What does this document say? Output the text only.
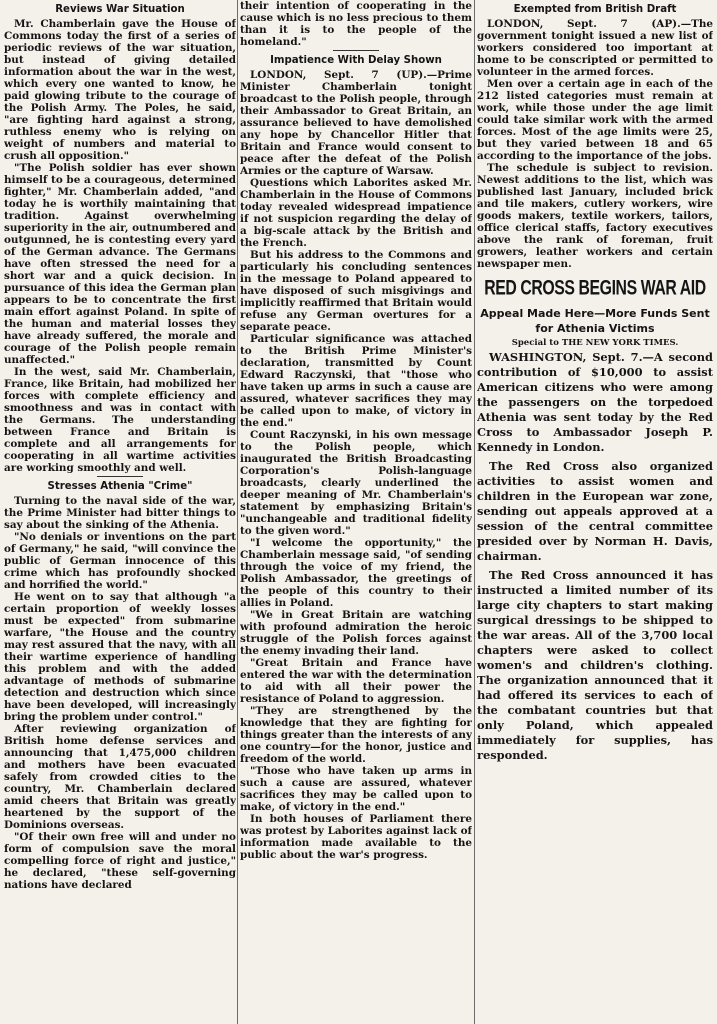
Reviews War Situation

Mr. Chamberlain gave the House of Commons today the first of a series of periodic reviews of the war situation, but instead of giving detailed information about the war in the west, which every one wanted to know, he paid glowing tribute to the courage of the Polish Army. The Poles, he said, "are fighting hard against a strong, ruthless enemy who is relying on weight of numbers and material to crush all opposition."

"The Polish soldier has ever shown himself to be a courageous, determined fighter," Mr. Chamberlain added, "and today he is worthily maintaining that tradition. Against overwhelming superiority in the air, outnumbered and outgunned, he is contesting every yard of the German advance. The Germans have often stressed the need for a short war and a quick decision. In pursuance of this idea the German plan appears to be to concentrate the first main effort against Poland. In spite of the human and material losses they have already suffered, the morale and courage of the Polish people remain unaffected."

In the west, said Mr. Chamberlain, France, like Britain, had mobilized her forces with complete efficiency and smoothness and was in contact with the Germans. The understanding between France and Britain is complete and all arrangements for cooperating in all wartime activities are working smoothly and well.

Stresses Athenia "Crime"

Turning to the naval side of the war, the Prime Minister had bitter things to say about the sinking of the Athenia.

"No denials or inventions on the part of Germany," he said, "will convince the public of German innocence of this crime which has profoundly shocked and horrified the world."

He went on to say that although "a certain proportion of weekly losses must be expected" from submarine warfare, "the House and the country may rest assured that the navy, with all their wartime experience of handling this problem and with the added advantage of methods of submarine detection and destruction which since have been developed, will increasingly bring the problem under control."

After reviewing organization of British home defense services and announcing that 1,475,000 children and mothers have been evacuated safely from crowded cities to the country, Mr. Chamberlain declared amid cheers that Britain was greatly heartened by the support of the Dominions overseas.

"Of their own free will and under no form of compulsion save the moral compelling force of right and justice," he declared, "these self-governing nations have declared

their intention of cooperating in the cause which is no less precious to them than it is to the people of the homeland."

Impatience With Delay Shown

LONDON, Sept. 7 (UP).—Prime Minister Chamberlain tonight broadcast to the Polish people, through their Ambassador to Great Britain, an assurance believed to have demolished any hope by Chancellor Hitler that Britain and France would consent to peace after the defeat of the Polish Armies or the capture of Warsaw.

Questions which Laborites asked Mr. Chamberlain in the House of Commons today revealed widespread impatience if not suspicion regarding the delay of a big-scale attack by the British and the French.

But his address to the Commons and particularly his concluding sentences in the message to Poland appeared to have disposed of such misgivings and implicitly reaffirmed that Britain would refuse any German overtures for a separate peace.

Particular significance was attached to the British Prime Minister's declaration, transmitted by Count Edward Raczynski, that "those who have taken up arms in such a cause are assured, whatever sacrifices they may be called upon to make, of victory in the end."

Count Raczynski, in his own message to the Polish people, which inaugurated the British Broadcasting Corporation's Polish-language broadcasts, clearly underlined the deeper meaning of Mr. Chamberlain's statement by emphasizing Britain's "unchangeable and traditional fidelity to the given word."

"I welcome the opportunity," the Chamberlain message said, "of sending through the voice of my friend, the Polish Ambassador, the greetings of the people of this country to their allies in Poland.

"We in Great Britain are watching with profound admiration the heroic struggle of the Polish forces against the enemy invading their land.

"Great Britain and France have entered the war with the determination to aid with all their power the resistance of Poland to aggression.

"They are strengthened by the knowledge that they are fighting for things greater than the interests of any one country—for the honor, justice and freedom of the world.

"Those who have taken up arms in such a cause are assured, whatever sacrifices they may be called upon to make, of victory in the end."

In both houses of Parliament there was protest by Laborites against lack of information made available to the public about the war's progress.

Exempted from British Draft

LONDON, Sept. 7 (AP).—The government tonight issued a new list of workers considered too important at home to be conscripted or permitted to volunteer in the armed forces.

Men over a certain age in each of the 212 listed categories must remain at work, while those under the age limit could take similar work with the armed forces. Most of the age limits were 25, but they varied between 18 and 65 according to the importance of the jobs.

The schedule is subject to revision. Newest additions to the list, which was published last January, included brick and tile makers, cutlery workers, wire goods makers, textile workers, tailors, office clerical staffs, factory executives above the rank of foreman, fruit growers, leather workers and certain newspaper men.

RED CROSS BEGINS WAR AID
Appeal Made Here—More Funds Sent for Athenia Victims
Special to THE NEW YORK TIMES.

WASHINGTON, Sept. 7.—A second contribution of $10,000 to assist American citizens who were among the passengers on the torpedoed Athenia was sent today by the Red Cross to Ambassador Joseph P. Kennedy in London.

The Red Cross also organized activities to assist women and children in the European war zone, sending out appeals approved at a session of the central committee presided over by Norman H. Davis, chairman.

The Red Cross announced it has instructed a limited number of its large city chapters to start making surgical dressings to be shipped to the war areas. All of the 3,700 local chapters were asked to collect women's and children's clothing. The organization announced that it had offered its services to each of the combatant countries but that only Poland, which appealed immediately for supplies, has responded.
